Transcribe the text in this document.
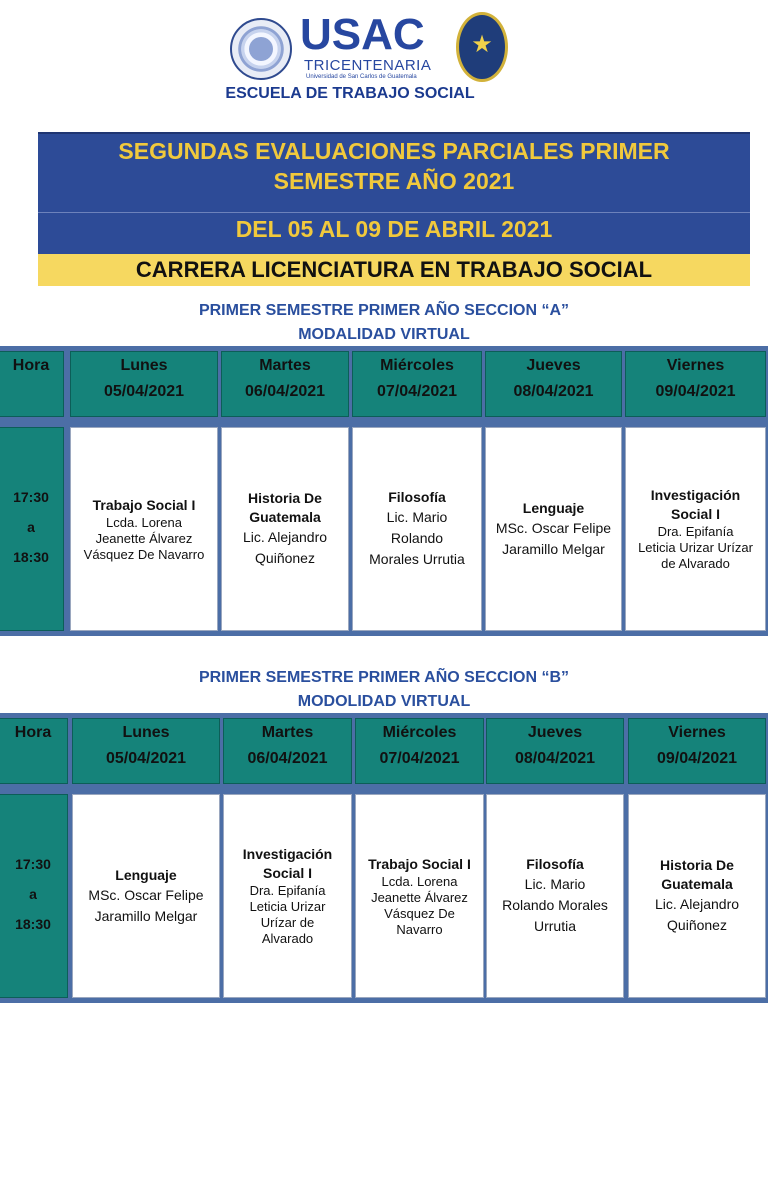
USAC
TRICENTENARIA
Universidad de San Carlos de Guatemala
★
ESCUELA DE TRABAJO SOCIAL
SEGUNDAS EVALUACIONES PARCIALES PRIMER
SEMESTRE AÑO 2021
DEL 05 AL 09 DE ABRIL 2021
CARRERA LICENCIATURA EN TRABAJO SOCIAL
PRIMER SEMESTRE PRIMER AÑO SECCION “A”
MODALIDAD VIRTUAL
Hora
17:30
a
18:30
Lunes
05/04/2021
Trabajo Social I
Lcda. Lorena
Jeanette Álvarez
Vásquez De Navarro
Martes
06/04/2021
Historia De Guatemala
Lic. Alejandro
Quiñonez
Miércoles
07/04/2021
Filosofía
Lic. Mario
Rolando
Morales Urrutia
Jueves
08/04/2021
Lenguaje
MSc. Oscar Felipe
Jaramillo Melgar
Viernes
09/04/2021
Investigación Social I
Dra. Epifanía
Leticia Urizar Urízar
de Alvarado
PRIMER SEMESTRE PRIMER AÑO SECCION “B”
MODOLIDAD VIRTUAL
Hora
17:30
a
18:30
Lunes
05/04/2021
Lenguaje
MSc. Oscar Felipe
Jaramillo Melgar
Martes
06/04/2021
Investigación Social I
Dra. Epifanía
Leticia Urizar
Urízar de
Alvarado
Miércoles
07/04/2021
Trabajo Social I
Lcda. Lorena
Jeanette Álvarez
Vásquez De
Navarro
Jueves
08/04/2021
Filosofía
Lic. Mario
Rolando Morales
Urrutia
Viernes
09/04/2021
Historia De Guatemala
Lic. Alejandro
Quiñonez
